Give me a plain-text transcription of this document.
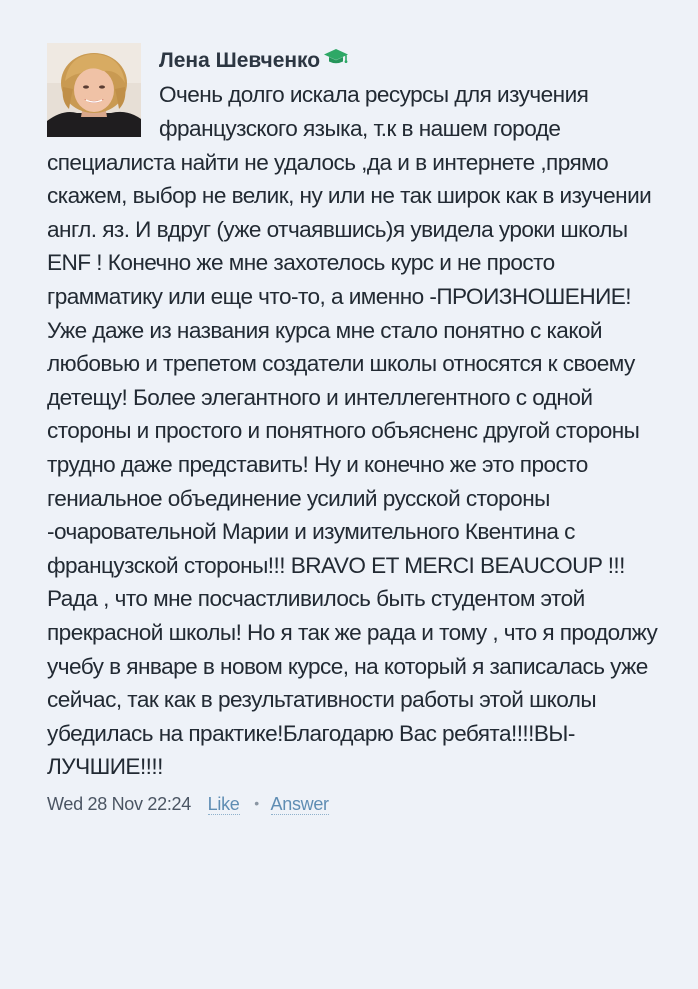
Лена Шевченко

Очень долго искала ресурсы для изучения французского языка, т.к в нашем городе специалиста найти не удалось ,да и в интернете ,прямо скажем, выбор не велик, ну или не так широк как в изучении англ. яз. И вдруг (уже отчаявшись)я увидела уроки школы ENF ! Конечно же мне захотелось курс и не просто грамматику или еще что-то, а именно -ПРОИЗНОШЕНИЕ!Уже даже из названия курса мне стало понятно с какой любовью и трепетом создатели школы относятся к своему детещу! Более элегантного и интеллегентного с одной стороны и простого и понятного объясненс другой стороны трудно даже представить! Ну и конечно же это просто гениальное объединение усилий русской стороны -очаровательной Марии и изумительного Квентина с французской стороны!!! BRAVO ET MERCI BEAUCOUP !!!
Рада , что мне посчастливилось быть студентом этой прекрасной школы! Но я так же рада и тому , что я продолжу учебу в январе в новом курсе, на который я записалась уже сейчас, так как в результативности работы этой школы убедилась на практике!Благодарю Вас ребята!!!!ВЫ-ЛУЧШИЕ!!!!

Wed 28 Nov 22:24 Like • Answer
